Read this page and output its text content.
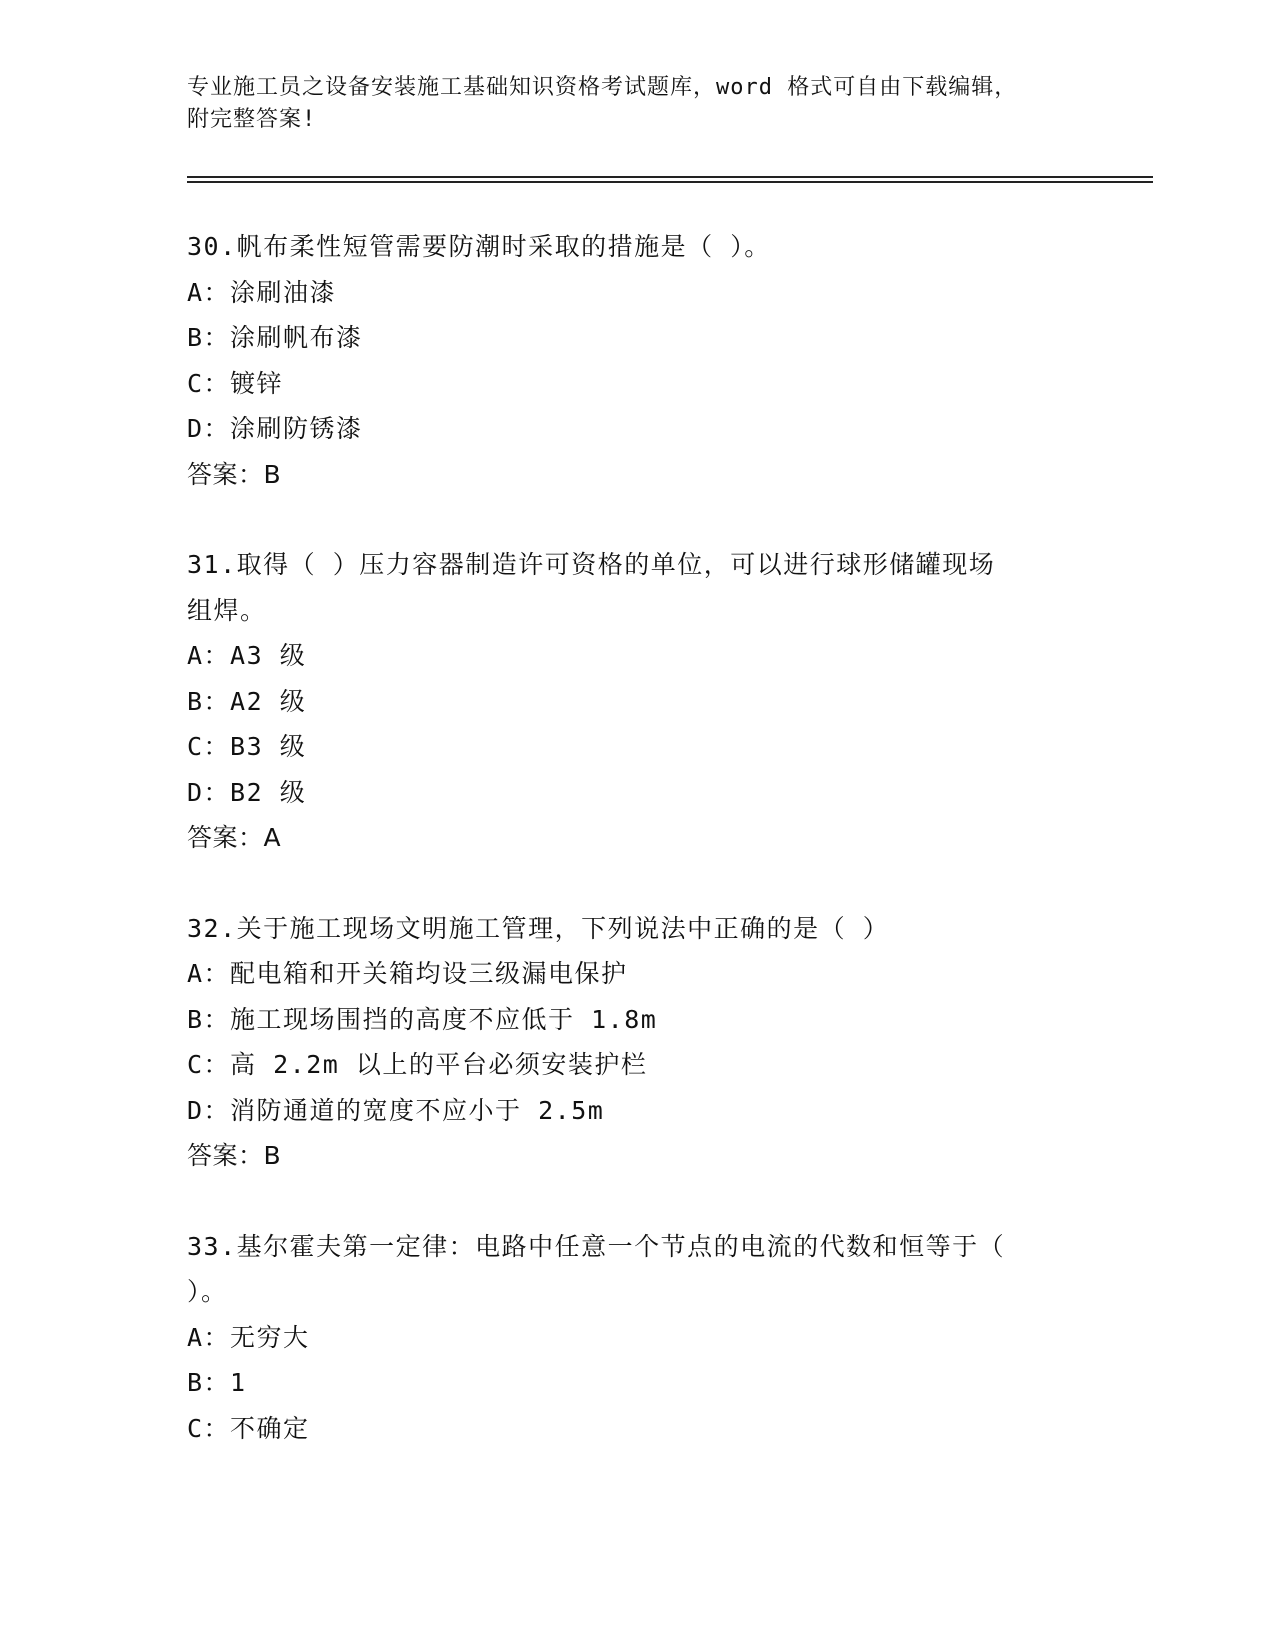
专业施工员之设备安装施工基础知识资格考试题库，word 格式可自由下载编辑，
附完整答案!
30.帆布柔性短管需要防潮时采取的措施是（ ）。
A：涂刷油漆
B：涂刷帆布漆
C：镀锌
D：涂刷防锈漆
答案：B
31.取得（ ）压力容器制造许可资格的单位，可以进行球形储罐现场
组焊。
A：A3 级
B：A2 级
C：B3 级
D：B2 级
答案：A
32.关于施工现场文明施工管理，下列说法中正确的是（ ）
A：配电箱和开关箱均设三级漏电保护
B：施工现场围挡的高度不应低于 1.8m
C：高 2.2m 以上的平台必须安装护栏
D：消防通道的宽度不应小于 2.5m
答案：B
33.基尔霍夫第一定律：电路中任意一个节点的电流的代数和恒等于（
）。
A：无穷大
B：1
C：不确定
